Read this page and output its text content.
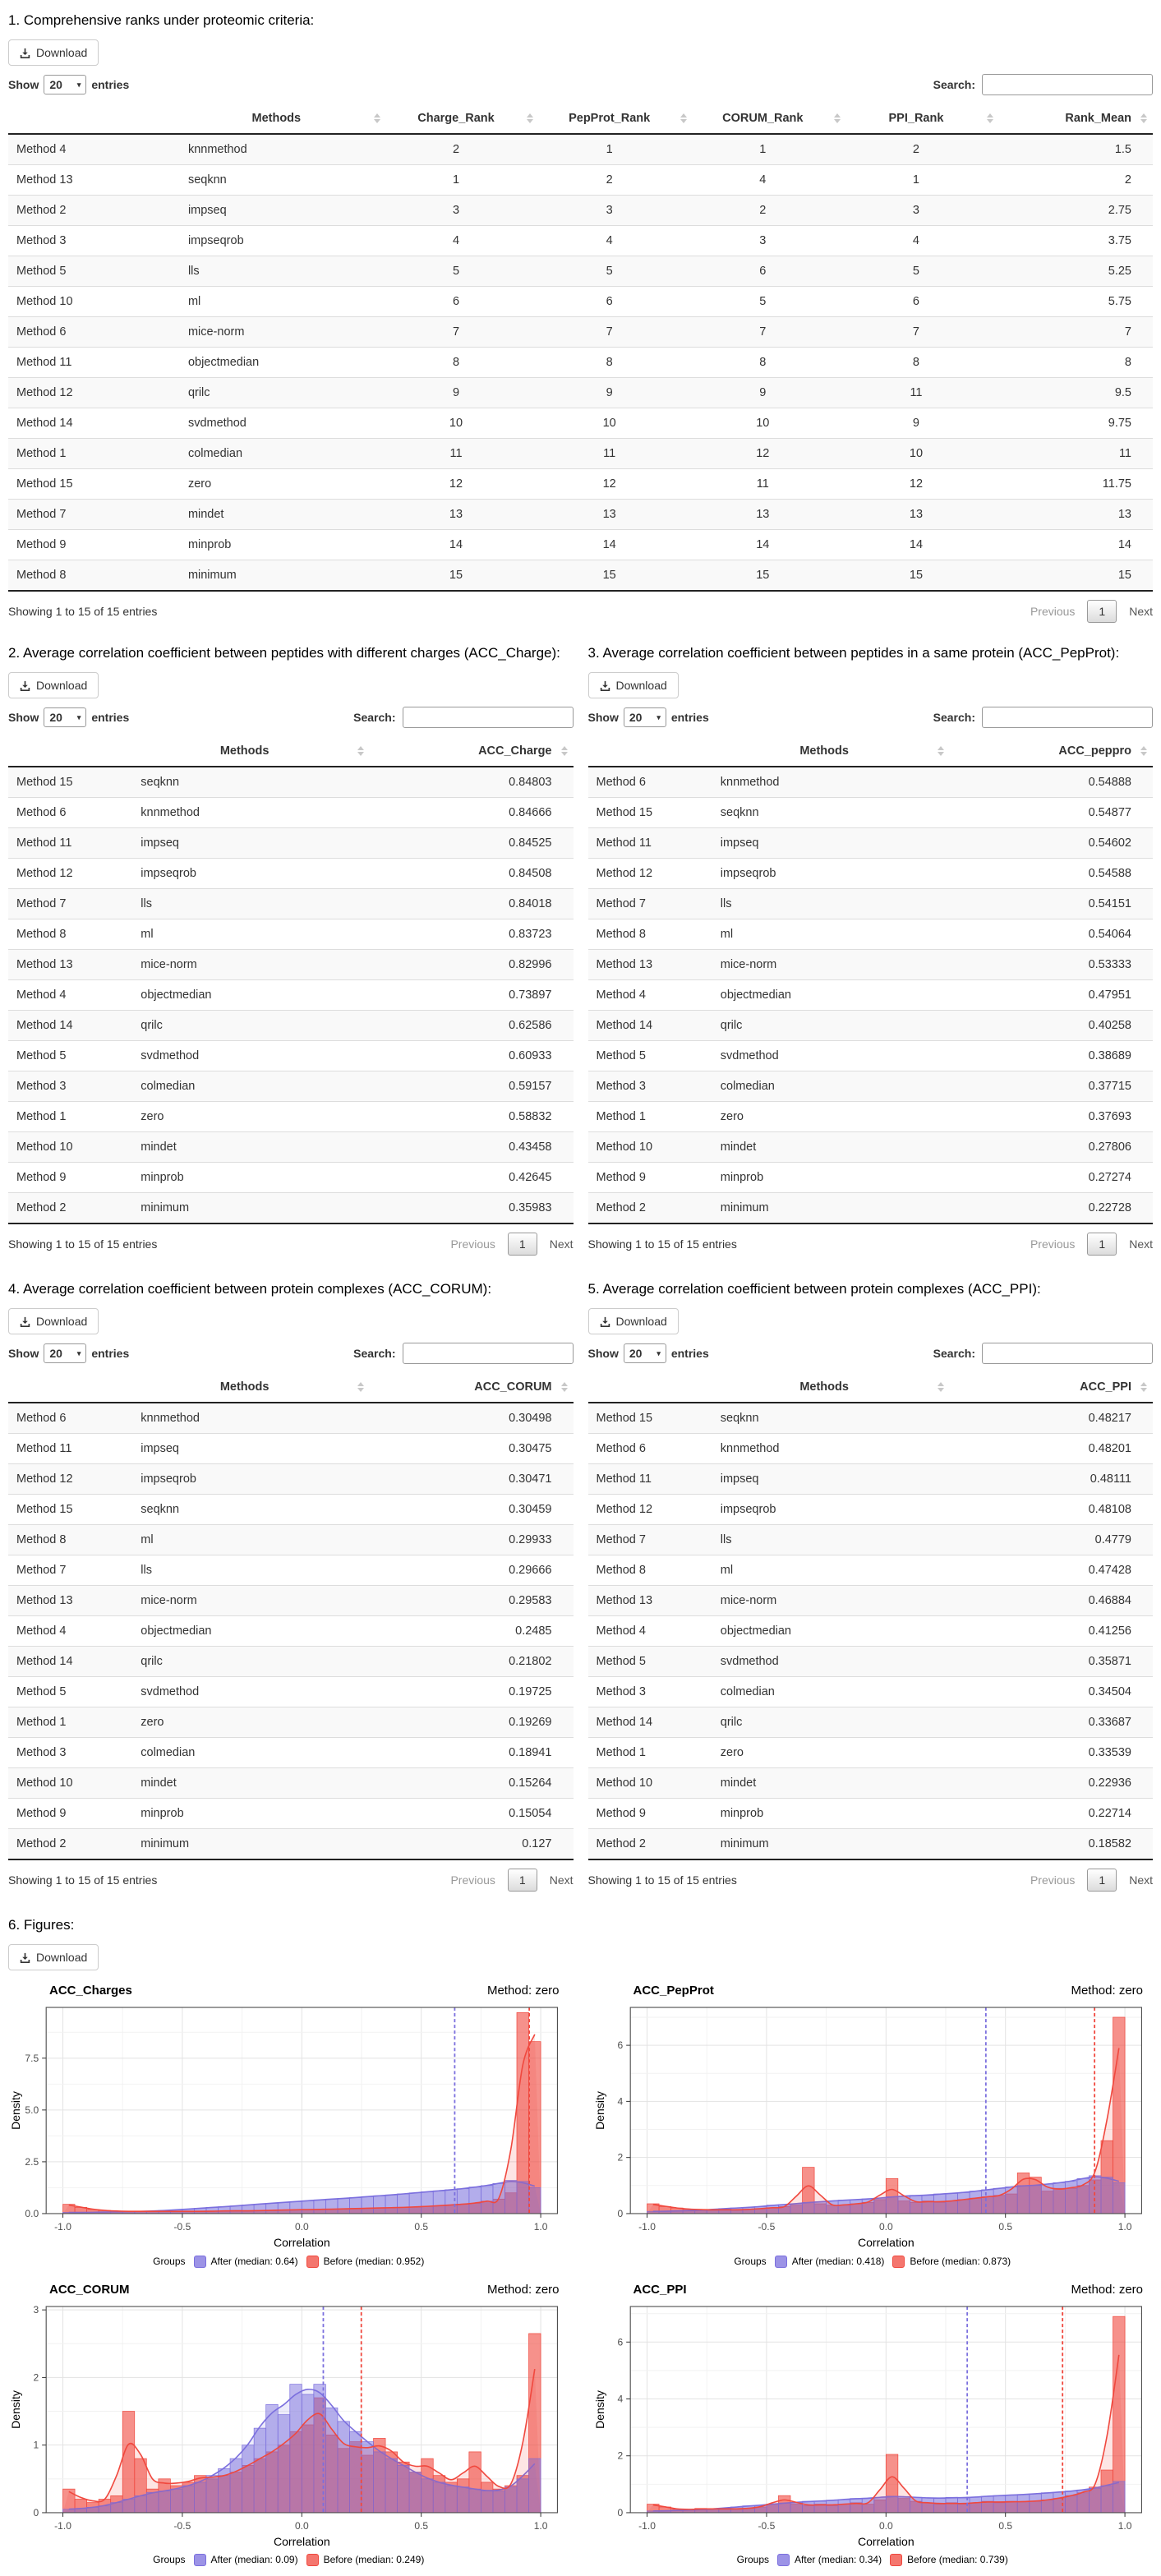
1. Comprehensive ranks under proteomic criteria:
Download
Show 20 ▾ entries	Search:
	Methods	Charge_Rank	PepProt_Rank	CORUM_Rank	PPI_Rank	Rank_Mean

Method 4	knnmethod	2	1	1	2	1.5
Method 13	seqknn	1	2	4	1	2
Method 2	impseq	3	3	2	3	2.75
Method 3	impseqrob	4	4	3	4	3.75
Method 5	lls	5	5	6	5	5.25
Method 10	ml	6	6	5	6	5.75
Method 6	mice-norm	7	7	7	7	7
Method 11	objectmedian	8	8	8	8	8
Method 12	qrilc	9	9	9	11	9.5
Method 14	svdmethod	10	10	10	9	9.75
Method 1	colmedian	11	11	12	10	11
Method 15	zero	12	12	11	12	11.75
Method 7	mindet	13	13	13	13	13
Method 9	minprob	14	14	14	14	14
Method 8	minimum	15	15	15	15	15
Showing 1 to 15 of 15 entries	Previous	1	Next
2. Average correlation coefficient between peptides with different charges (ACC_Charge):
Download
Show 20 ▾ entries	Search:
	Methods	ACC_Charge

Method 15	seqknn	0.84803
Method 6	knnmethod	0.84666
Method 11	impseq	0.84525
Method 12	impseqrob	0.84508
Method 7	lls	0.84018
Method 8	ml	0.83723
Method 13	mice-norm	0.82996
Method 4	objectmedian	0.73897
Method 14	qrilc	0.62586
Method 5	svdmethod	0.60933
Method 3	colmedian	0.59157
Method 1	zero	0.58832
Method 10	mindet	0.43458
Method 9	minprob	0.42645
Method 2	minimum	0.35983
Showing 1 to 15 of 15 entries	Previous	1	Next
3. Average correlation coefficient between peptides in a same protein (ACC_PepProt):
Download
Show 20 ▾ entries	Search:
	Methods	ACC_peppro

Method 6	knnmethod	0.54888
Method 15	seqknn	0.54877
Method 11	impseq	0.54602
Method 12	impseqrob	0.54588
Method 7	lls	0.54151
Method 8	ml	0.54064
Method 13	mice-norm	0.53333
Method 4	objectmedian	0.47951
Method 14	qrilc	0.40258
Method 5	svdmethod	0.38689
Method 3	colmedian	0.37715
Method 1	zero	0.37693
Method 10	mindet	0.27806
Method 9	minprob	0.27274
Method 2	minimum	0.22728
Showing 1 to 15 of 15 entries	Previous	1	Next
4. Average correlation coefficient between protein complexes (ACC_CORUM):
Download
Show 20 ▾ entries	Search:
	Methods	ACC_CORUM

Method 6	knnmethod	0.30498
Method 11	impseq	0.30475
Method 12	impseqrob	0.30471
Method 15	seqknn	0.30459
Method 8	ml	0.29933
Method 7	lls	0.29666
Method 13	mice-norm	0.29583
Method 4	objectmedian	0.2485
Method 14	qrilc	0.21802
Method 5	svdmethod	0.19725
Method 1	zero	0.19269
Method 3	colmedian	0.18941
Method 10	mindet	0.15264
Method 9	minprob	0.15054
Method 2	minimum	0.127
Showing 1 to 15 of 15 entries	Previous	1	Next
5. Average correlation coefficient between protein complexes (ACC_PPI):
Download
Show 20 ▾ entries	Search:
	Methods	ACC_PPI

Method 15	seqknn	0.48217
Method 6	knnmethod	0.48201
Method 11	impseq	0.48111
Method 12	impseqrob	0.48108
Method 7	lls	0.4779
Method 8	ml	0.47428
Method 13	mice-norm	0.46884
Method 4	objectmedian	0.41256
Method 5	svdmethod	0.35871
Method 3	colmedian	0.34504
Method 14	qrilc	0.33687
Method 1	zero	0.33539
Method 10	mindet	0.22936
Method 9	minprob	0.22714
Method 2	minimum	0.18582
Showing 1 to 15 of 15 entries	Previous	1	Next
6. Figures:
Download
ACC_Charges	Method: zero
-1.0	-0.5	0.0	0.5	1.0
0.0
2.5
5.0
7.5
Correlation
Density
Groups	After (median: 0.64)	Before (median: 0.952)
ACC_PepProt	Method: zero
-1.0	-0.5	0.0	0.5	1.0
0
2
4
6
Correlation
Density
Groups	After (median: 0.418)	Before (median: 0.873)
ACC_CORUM	Method: zero
-1.0	-0.5	0.0	0.5	1.0
0
1
2
3
Correlation
Density
Groups	After (median: 0.09)	Before (median: 0.249)
ACC_PPI	Method: zero
-1.0	-0.5	0.0	0.5	1.0
0
2
4
6
Correlation
Density
Groups	After (median: 0.34)	Before (median: 0.739)
